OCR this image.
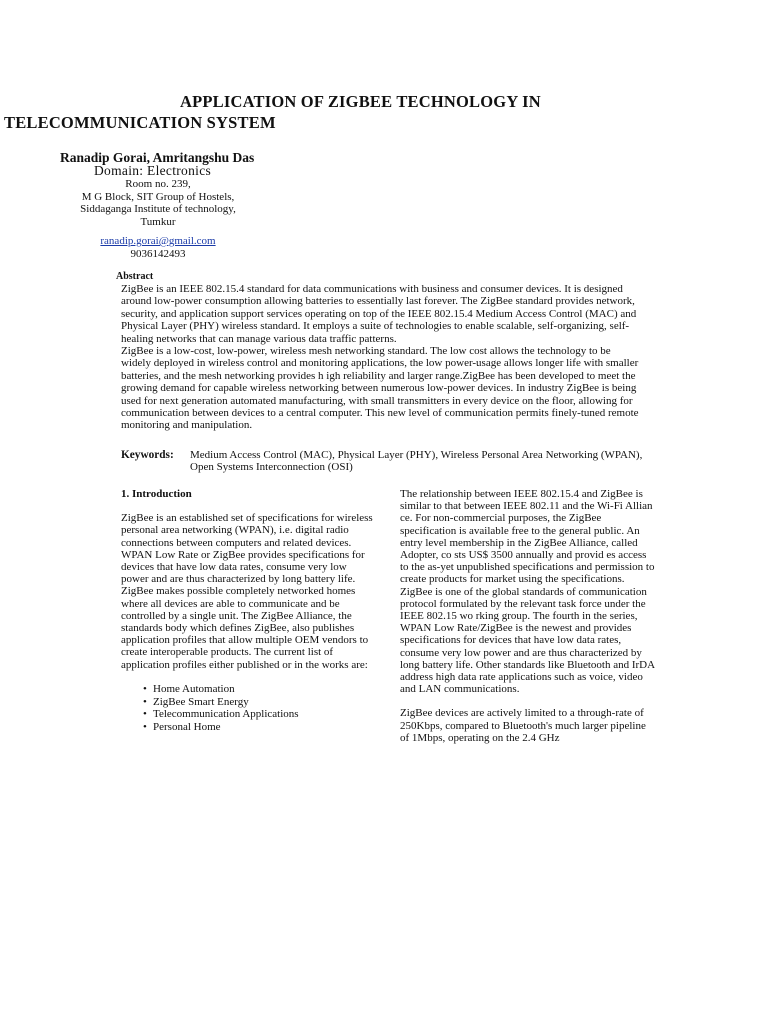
APPLICATION OF ZIGBEE TECHNOLOGY IN
TELECOMMUNICATION SYSTEM
Ranadip Gorai, Amritangshu Das
Domain: Electronics
Room no. 239,
M G Block, SIT Group of Hostels,
Siddaganga Institute of technology,
Tumkur
ranadip.gorai@gmail.com
9036142493
Abstract

ZigBee is an IEEE 802.15.4 standard for data communications with business and consumer devices. It is designed around low-power consumption allowing batteries to essentially last forever. The ZigBee standard provides network, security, and application support services operating on top of the IEEE 802.15.4 Medium Access Control (MAC) and Physical Layer (PHY) wireless standard. It employs a suite of technologies to enable scalable, self-organizing, self-healing networks that can manage various data traffic patterns.

ZigBee is a low-cost, low-power, wireless mesh networking standard. The low cost allows the technology to be widely deployed in wireless control and monitoring applications, the low power-usage allows longer life with smaller batteries, and the mesh networking provides h igh reliability and larger range.ZigBee has been developed to meet the growing demand for capable wireless networking between numerous low-power devices. In industry ZigBee is being used for next generation automated manufacturing, with small transmitters in every device on the floor, allowing for communication between devices to a central computer. This new level of communication permits finely-tuned remote monitoring and manipulation.

Keywords: Medium Access Control (MAC), Physical Layer (PHY), Wireless Personal Area Networking (WPAN), Open Systems Interconnection (OSI)
1. Introduction

ZigBee is an established set of specifications for wireless personal area networking (WPAN), i.e. digital radio connections between computers and related devices. WPAN Low Rate or ZigBee provides specifications for devices that have low data rates, consume very low power and are thus characterized by long battery life. ZigBee makes possible completely networked homes where all devices are able to communicate and be controlled by a single unit. The ZigBee Alliance, the standards body which defines ZigBee, also publishes application profiles that allow multiple OEM vendors to create interoperable products. The current list of application profiles either published or in the works are:

• Home Automation
• ZigBee Smart Energy
• Telecommunication Applications
• Personal Home

The relationship between IEEE 802.15.4 and ZigBee is similar to that between IEEE 802.11 and the Wi-Fi Allian ce. For non-commercial purposes, the ZigBee specification is available free to the general public. An entry level membership in the ZigBee Alliance, called Adopter, co sts US$ 3500 annually and provid es access to the as-yet unpublished specifications and permission to create products for market using the specifications. ZigBee is one of the global standards of communication protocol formulated by the relevant task force under the IEEE 802.15 wo rking group. The fourth in the series, WPAN Low Rate/ZigBee is the newest and provides specifications for devices that have low data rates, consume very low power and are thus characterized by long battery life. Other standards like Bluetooth and IrDA address high data rate applications such as voice, video and LAN communications.

ZigBee devices are actively limited to a through-rate of 250Kbps, compared to Bluetooth's much larger pipeline of 1Mbps, operating on the 2.4 GHz
